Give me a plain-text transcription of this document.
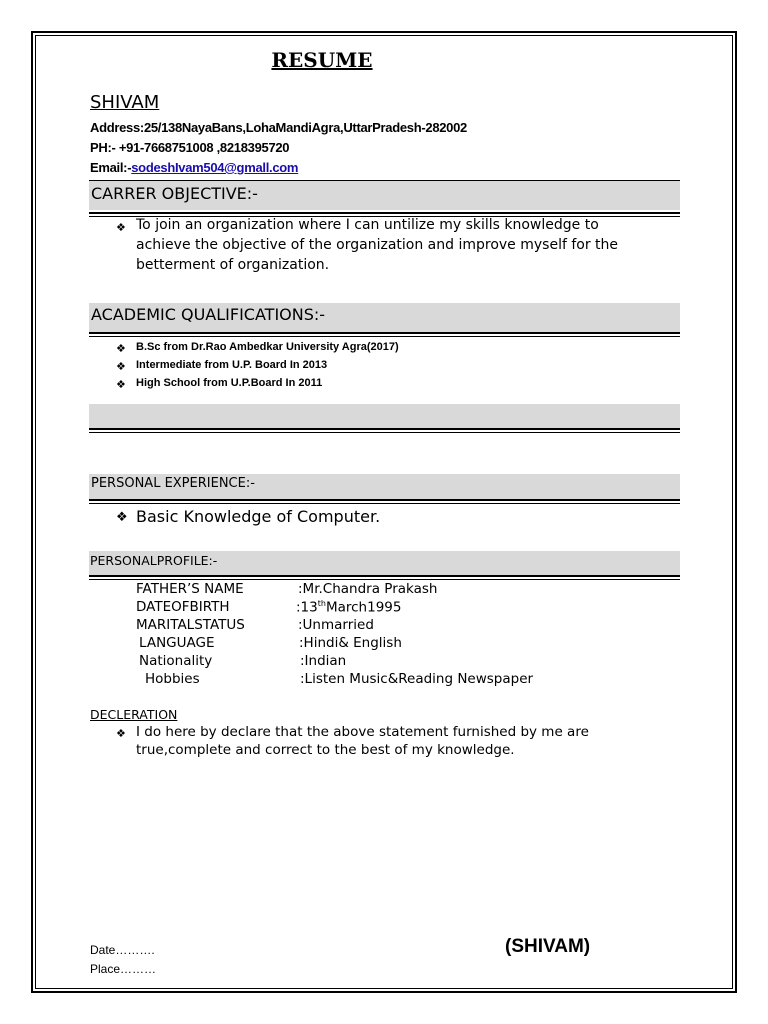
RESUME
SHIVAM
Address:25/138NayaBans,LohaMandiAgra,UttarPradesh-282002
PH:- +91-7668751008 ,8218395720
Email:-sodeshIvam504@gmall.com
CARRER OBJECTIVE:-
❖ To join an organization where I can untilize my skills knowledge to
achieve the objective of the organization and improve myself for the
betterment of organization.
ACADEMIC QUALIFICATIONS:-
❖ B.Sc from Dr.Rao Ambedkar University Agra(2017)
❖ Intermediate from U.P. Board In 2013
❖ High School from U.P.Board In 2011
PERSONAL EXPERIENCE:-
❖ Basic Knowledge of Computer.
PERSONALPROFILE:-
FATHER’S NAME	:Mr.Chandra Prakash
DATEOFBIRTH	:13thMarch1995
MARITALSTATUS	:Unmarried
LANGUAGE	:Hindi& English
Nationality	:Indian
Hobbies	:Listen Music&Reading Newspaper
DECLERATION
❖ I do here by declare that the above statement furnished by me are
true,complete and correct to the best of my knowledge.
Date……….
Place………
(SHIVAM)
